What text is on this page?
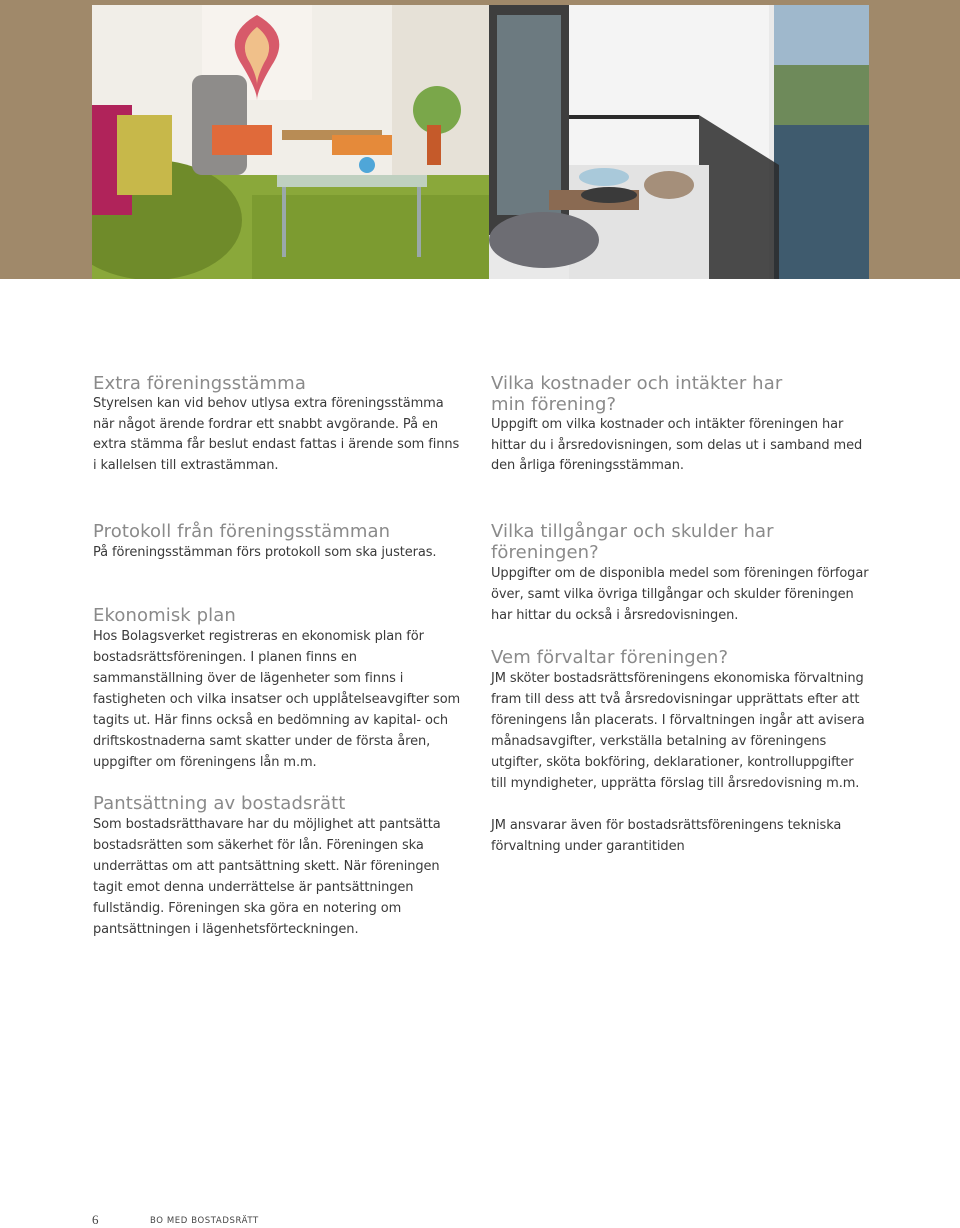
Extra föreningsstämma

Styrelsen kan vid behov utlysa extra föreningsstämma när något ärende fordrar ett snabbt avgörande. På en extra stämma får beslut endast fattas i ärende som finns i kallelsen till extrastämman.

Protokoll från föreningsstämman

På föreningsstämman förs protokoll som ska justeras.

Ekonomisk plan

Hos Bolagsverket registreras en ekonomisk plan för bostadsrättsföreningen. I planen finns en sammanställning över de lägenheter som finns i fastigheten och vilka insatser och upplåtelseavgifter som tagits ut. Här finns också en bedömning av kapital- och driftskostnaderna samt skatter under de första åren, uppgifter om föreningens lån m.m.

Pantsättning av bostadsrätt

Som bostadsrätthavare har du möjlighet att pantsätta bostadsrätten som säkerhet för lån. Föreningen ska underrättas om att pantsättning skett. När föreningen tagit emot denna underrättelse är pantsättningen fullständig. Föreningen ska göra en notering om pantsättningen i lägenhetsförteckningen.

Vilka kostnader och intäkter har min förening?

Uppgift om vilka kostnader och intäkter föreningen har hittar du i årsredovisningen, som delas ut i samband med den årliga föreningsstämman.

Vilka tillgångar och skulder har föreningen?

Uppgifter om de disponibla medel som föreningen förfogar över, samt vilka övriga tillgångar och skulder föreningen har hittar du också i årsredovisningen.

Vem förvaltar föreningen?

JM sköter bostadsrättsföreningens ekonomiska förvaltning fram till dess att två årsredovisningar upprättats efter att föreningens lån placerats. I förvaltningen ingår att avisera månadsavgifter, verkställa betalning av föreningens utgifter, sköta bokföring, deklarationer, kontrolluppgifter till myndigheter, upprätta förslag till årsredovisning m.m.

JM ansvarar även för bostadsrättsföreningens tekniska förvaltning under garantitiden

6	BO MED BOSTADSRÄTT
